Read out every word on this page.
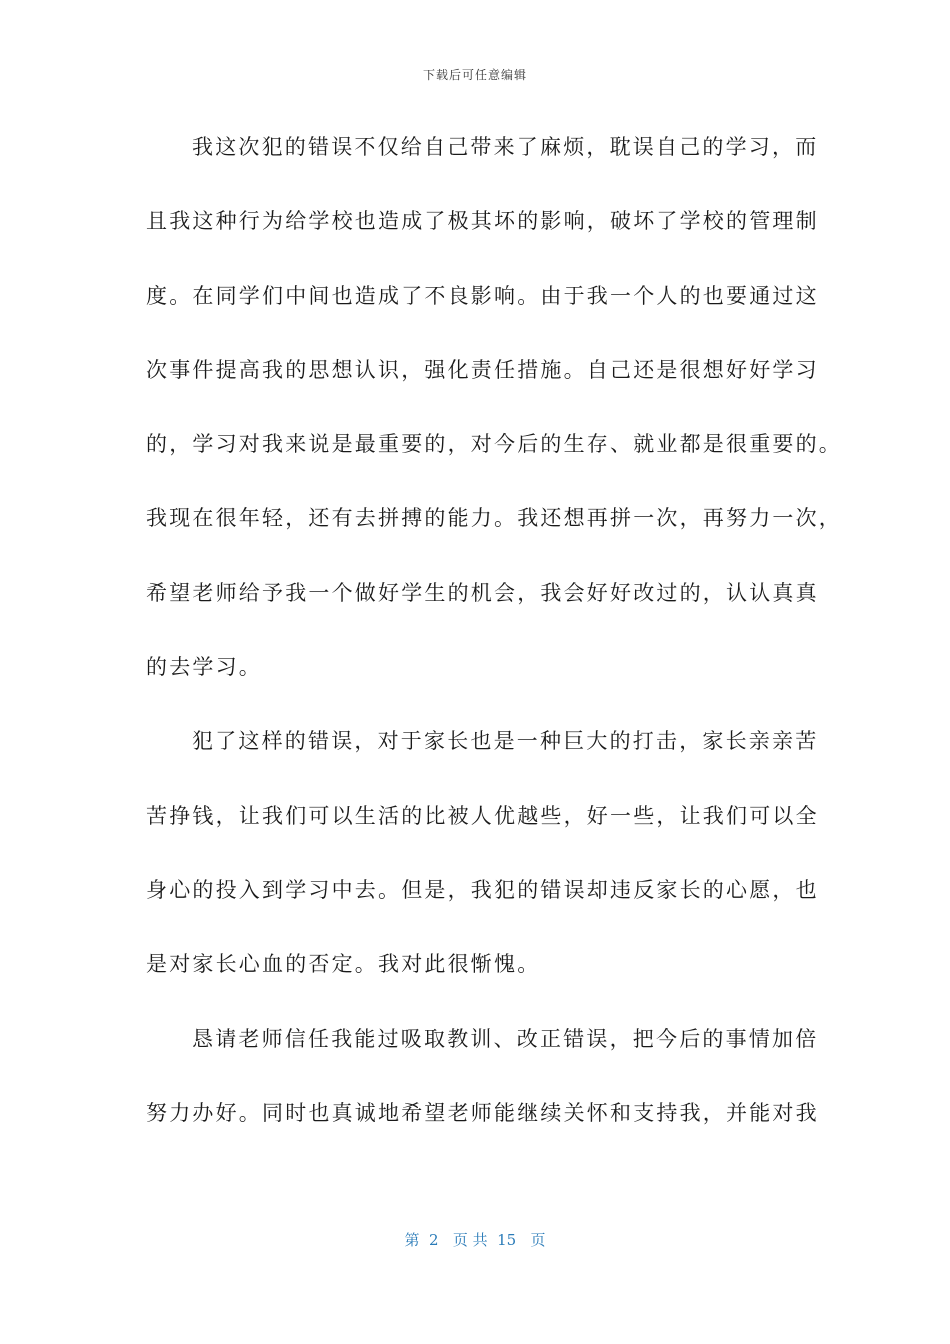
下载后可任意编辑
我这次犯的错误不仅给自己带来了麻烦，耽误自己的学习，而
且我这种行为给学校也造成了极其坏的影响，破坏了学校的管理制
度。在同学们中间也造成了不良影响。由于我一个人的也要通过这
次事件提高我的思想认识，强化责任措施。自己还是很想好好学习
的，学习对我来说是最重要的，对今后的生存、就业都是很重要的。
我现在很年轻，还有去拼搏的能力。我还想再拼一次，再努力一次，
希望老师给予我一个做好学生的机会，我会好好改过的，认认真真
的去学习。
犯了这样的错误，对于家长也是一种巨大的打击，家长亲亲苦
苦挣钱，让我们可以生活的比被人优越些，好一些，让我们可以全
身心的投入到学习中去。但是，我犯的错误却违反家长的心愿，也
是对家长心血的否定。我对此很惭愧。
恳请老师信任我能过吸取教训、改正错误，把今后的事情加倍
努力办好。同时也真诚地希望老师能继续关怀和支持我，并能对我
第  2   页 共  15   页
